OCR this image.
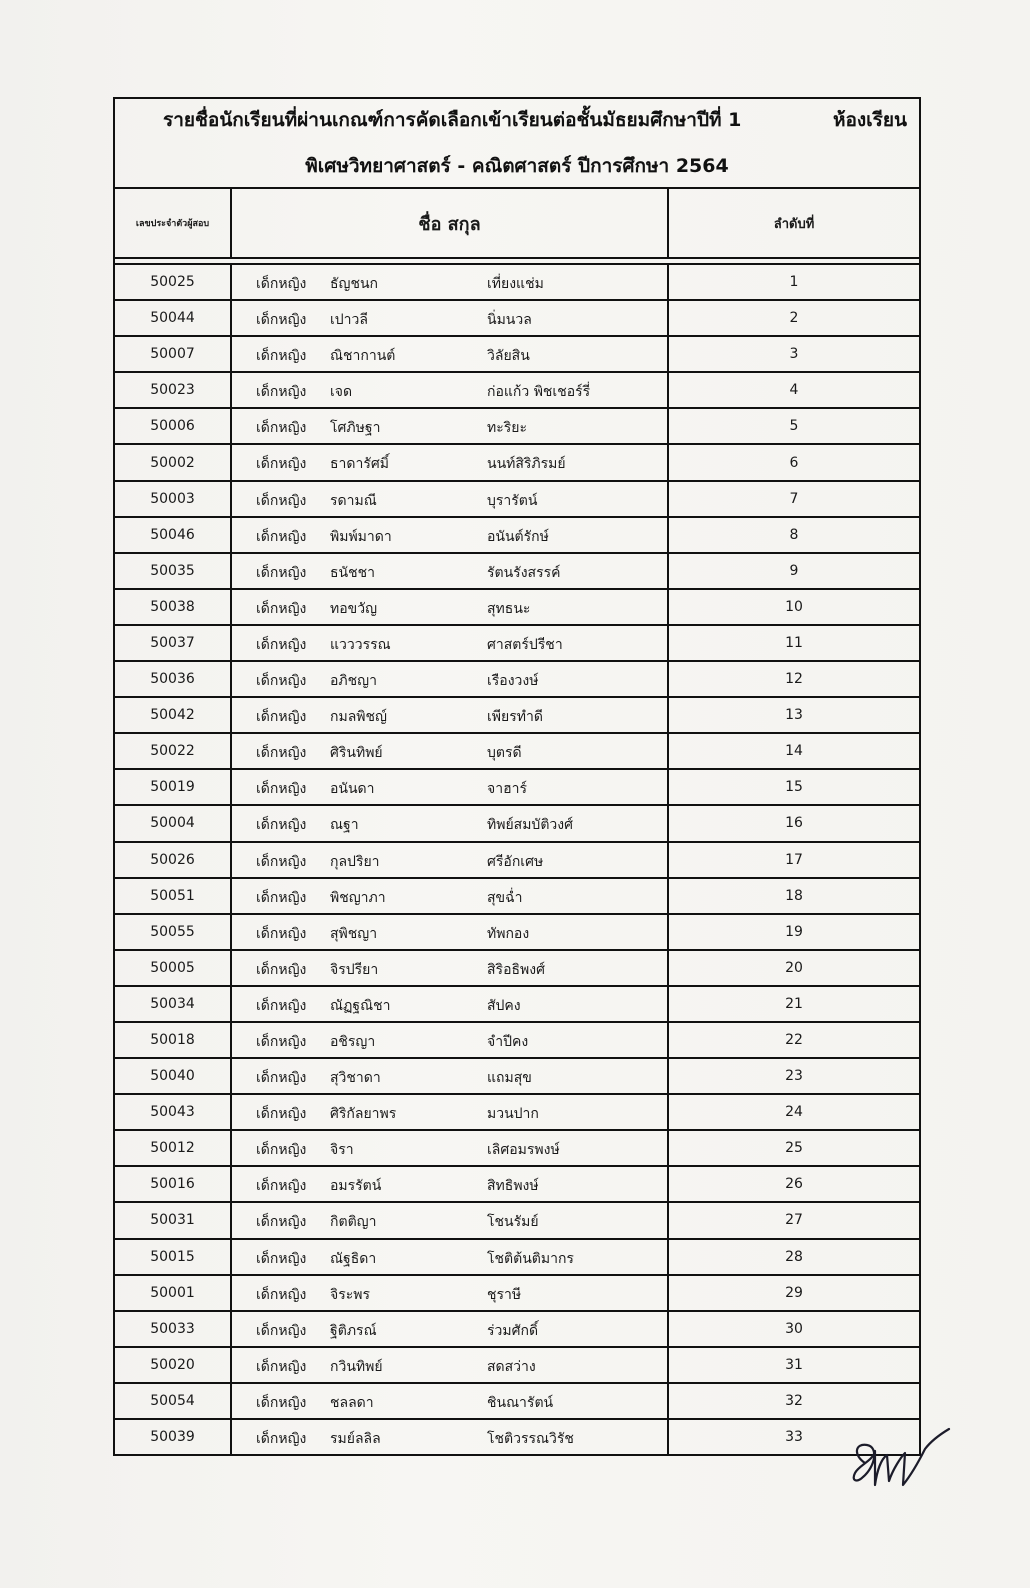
รายชื่อนักเรียนที่ผ่านเกณฑ์การคัดเลือกเข้าเรียนต่อชั้นมัธยมศึกษาปีที่ 1	ห้องเรียน
พิเศษวิทยาศาสตร์ - คณิตศาสตร์ ปีการศึกษา 2564
เลขประจำตัวผู้สอบ	ชื่อ สกุล	ลำดับที่

50025	เด็กหญิง ธัญชนก เที่ยงแช่ม	1
50044	เด็กหญิง เปาวลี นิ่มนวล	2
50007	เด็กหญิง ณิชากานต์ วิลัยสิน	3
50023	เด็กหญิง เจด ก่อแก้ว พิชเชอร์รี่	4
50006	เด็กหญิง โศภิษฐา ทะริยะ	5
50002	เด็กหญิง ธาดารัศมิ์ นนท์สิริภิรมย์	6
50003	เด็กหญิง รดามณี บุรารัตน์	7
50046	เด็กหญิง พิมพ์มาดา อนันต์รักษ์	8
50035	เด็กหญิง ธนัชชา รัตนรังสรรค์	9
50038	เด็กหญิง ทอขวัญ สุทธนะ	10
50037	เด็กหญิง แวววรรณ ศาสตร์ปรีชา	11
50036	เด็กหญิง อภิชญา เรืองวงษ์	12
50042	เด็กหญิง กมลพิชญ์ เพียรทำดี	13
50022	เด็กหญิง ศิรินทิพย์ บุตรดี	14
50019	เด็กหญิง อนันดา จาฮาร์	15
50004	เด็กหญิง ณฐา ทิพย์สมบัติวงศ์	16
50026	เด็กหญิง กุลปริยา ศรีอักเศษ	17
50051	เด็กหญิง พิชญาภา สุขฉ่ำ	18
50055	เด็กหญิง สุพิชญา ทัพกอง	19
50005	เด็กหญิง จิรปรียา สิริอธิพงศ์	20
50034	เด็กหญิง ณัฏฐณิชา สัปคง	21
50018	เด็กหญิง อชิรญา จำปีคง	22
50040	เด็กหญิง สุวิชาดา แถมสุข	23
50043	เด็กหญิง ศิริกัลยาพร มวนปาก	24
50012	เด็กหญิง จิรา เลิศอมรพงษ์	25
50016	เด็กหญิง อมรรัตน์ สิทธิพงษ์	26
50031	เด็กหญิง กิตติญา โชนรัมย์	27
50015	เด็กหญิง ณัฐธิดา โชติต้นติมากร	28
50001	เด็กหญิง จิระพร ชุราษี	29
50033	เด็กหญิง ฐิติภรณ์ ร่วมศักดิ์	30
50020	เด็กหญิง กวินทิพย์ สดสว่าง	31
50054	เด็กหญิง ชลลดา ชินณารัตน์	32
50039	เด็กหญิง รมย์ลลิล โชติวรรณวิรัช	33
